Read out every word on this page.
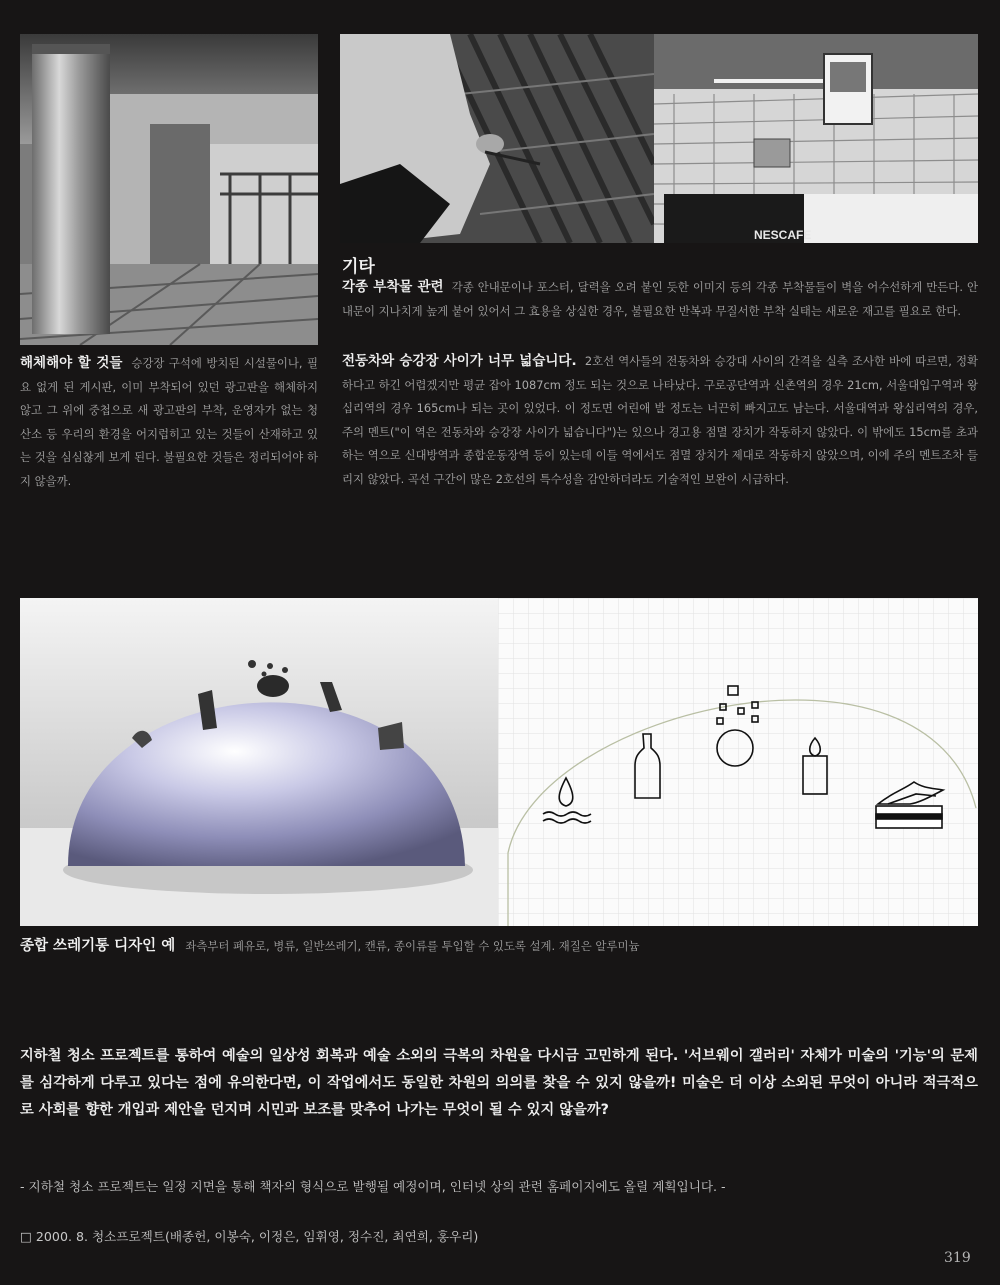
NESCAFE
기타
각종 부착물 관련 각종 안내문이나 포스터, 달력을 오려 붙인 듯한 이미지 등의 각종 부착물들이 벽을 어수선하게 만든다. 안내문이 지나치게 높게 붙어 있어서 그 효용을 상실한 경우, 불필요한 반복과 무질서한 부착 실태는 새로운 재고를 필요로 한다.
전동차와 승강장 사이가 너무 넓습니다. 2호선 역사들의 전동차와 승강대 사이의 간격을 실측 조사한 바에 따르면, 정확하다고 하긴 어렵겠지만 평균 잡아 1087cm 정도 되는 것으로 나타났다. 구로공단역과 신촌역의 경우 21cm, 서울대입구역과 왕십리역의 경우 165cm나 되는 곳이 있었다. 이 정도면 어린애 발 정도는 너끈히 빠지고도 남는다. 서울대역과 왕십리역의 경우, 주의 멘트("이 역은 전동차와 승강장 사이가 넓습니다")는 있으나 경고용 점멸 장치가 작동하지 않았다. 이 밖에도 15cm를 초과하는 역으로 신대방역과 종합운동장역 등이 있는데 이들 역에서도 점멸 장치가 제대로 작동하지 않았으며, 이에 주의 멘트조차 들리지 않았다. 곡선 구간이 많은 2호선의 특수성을 감안하더라도 기술적인 보완이 시급하다.
해체해야 할 것들 승강장 구석에 방치된 시설물이나, 필요 없게 된 게시판, 이미 부착되어 있던 광고판을 해체하지 않고 그 위에 중첩으로 새 광고판의 부착, 운영자가 없는 청산소 등 우리의 환경을 어지럽히고 있는 것들이 산재하고 있는 것을 심심찮게 보게 된다. 불필요한 것들은 정리되어야 하지 않을까.
종합 쓰레기통 디자인 예 좌측부터 폐유로, 병류, 일반쓰레기, 캔류, 종이류를 투입할 수 있도록 설계. 재질은 알루미늄
지하철 청소 프로젝트를 통하여 예술의 일상성 회복과 예술 소외의 극복의 차원을 다시금 고민하게 된다. '서브웨이 갤러리' 자체가 미술의 '기능'의 문제를 심각하게 다루고 있다는 점에 유의한다면, 이 작업에서도 동일한 차원의 의의를 찾을 수 있지 않을까! 미술은 더 이상 소외된 무엇이 아니라 적극적으로 사회를 향한 개입과 제안을 던지며 시민과 보조를 맞추어 나가는 무엇이 될 수 있지 않을까?
- 지하철 청소 프로젝트는 일정 지면을 통해 책자의 형식으로 발행될 예정이며, 인터넷 상의 관련 홈페이지에도 올릴 계획입니다. -
□ 2000. 8. 청소프로젝트(배종헌, 이봉숙, 이정은, 임휘영, 정수진, 최연희, 홍우리)
319
